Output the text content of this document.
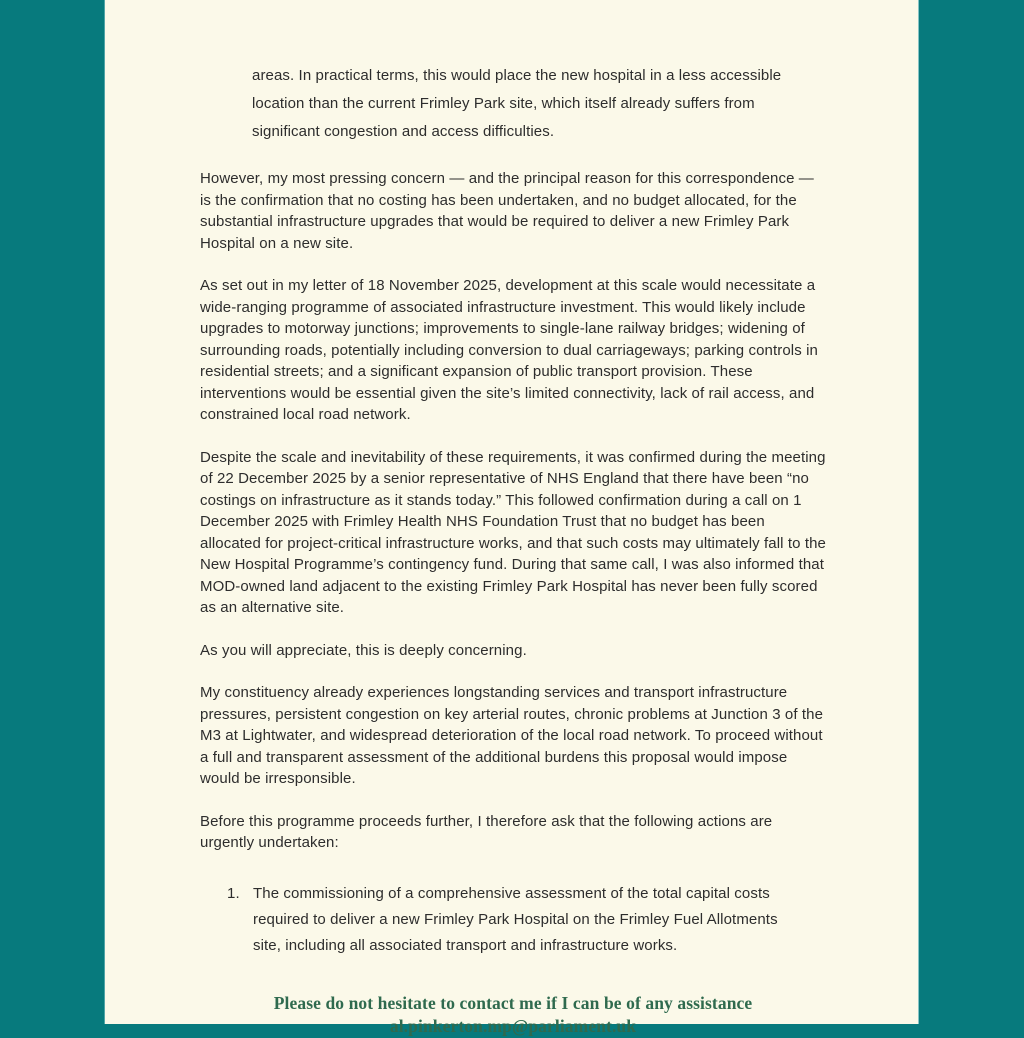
areas. In practical terms, this would place the new hospital in a less accessible location than the current Frimley Park site, which itself already suffers from significant congestion and access difficulties.

However, my most pressing concern — and the principal reason for this correspondence — is the confirmation that no costing has been undertaken, and no budget allocated, for the substantial infrastructure upgrades that would be required to deliver a new Frimley Park Hospital on a new site.

As set out in my letter of 18 November 2025, development at this scale would necessitate a wide-ranging programme of associated infrastructure investment. This would likely include upgrades to motorway junctions; improvements to single-lane railway bridges; widening of surrounding roads, potentially including conversion to dual carriageways; parking controls in residential streets; and a significant expansion of public transport provision. These interventions would be essential given the site’s limited connectivity, lack of rail access, and constrained local road network.

Despite the scale and inevitability of these requirements, it was confirmed during the meeting of 22 December 2025 by a senior representative of NHS England that there have been “no costings on infrastructure as it stands today.” This followed confirmation during a call on 1 December 2025 with Frimley Health NHS Foundation Trust that no budget has been allocated for project-critical infrastructure works, and that such costs may ultimately fall to the New Hospital Programme’s contingency fund. During that same call, I was also informed that MOD-owned land adjacent to the existing Frimley Park Hospital has never been fully scored as an alternative site.

As you will appreciate, this is deeply concerning.

My constituency already experiences longstanding services and transport infrastructure pressures, persistent congestion on key arterial routes, chronic problems at Junction 3 of the M3 at Lightwater, and widespread deterioration of the local road network. To proceed without a full and transparent assessment of the additional burdens this proposal would impose would be irresponsible.

Before this programme proceeds further, I therefore ask that the following actions are urgently undertaken:

1. The commissioning of a comprehensive assessment of the total capital costs required to deliver a new Frimley Park Hospital on the Frimley Fuel Allotments site, including all associated transport and infrastructure works.
Please do not hesitate to contact me if I can be of any assistance
al.pinkerton.mp@parliament.uk
